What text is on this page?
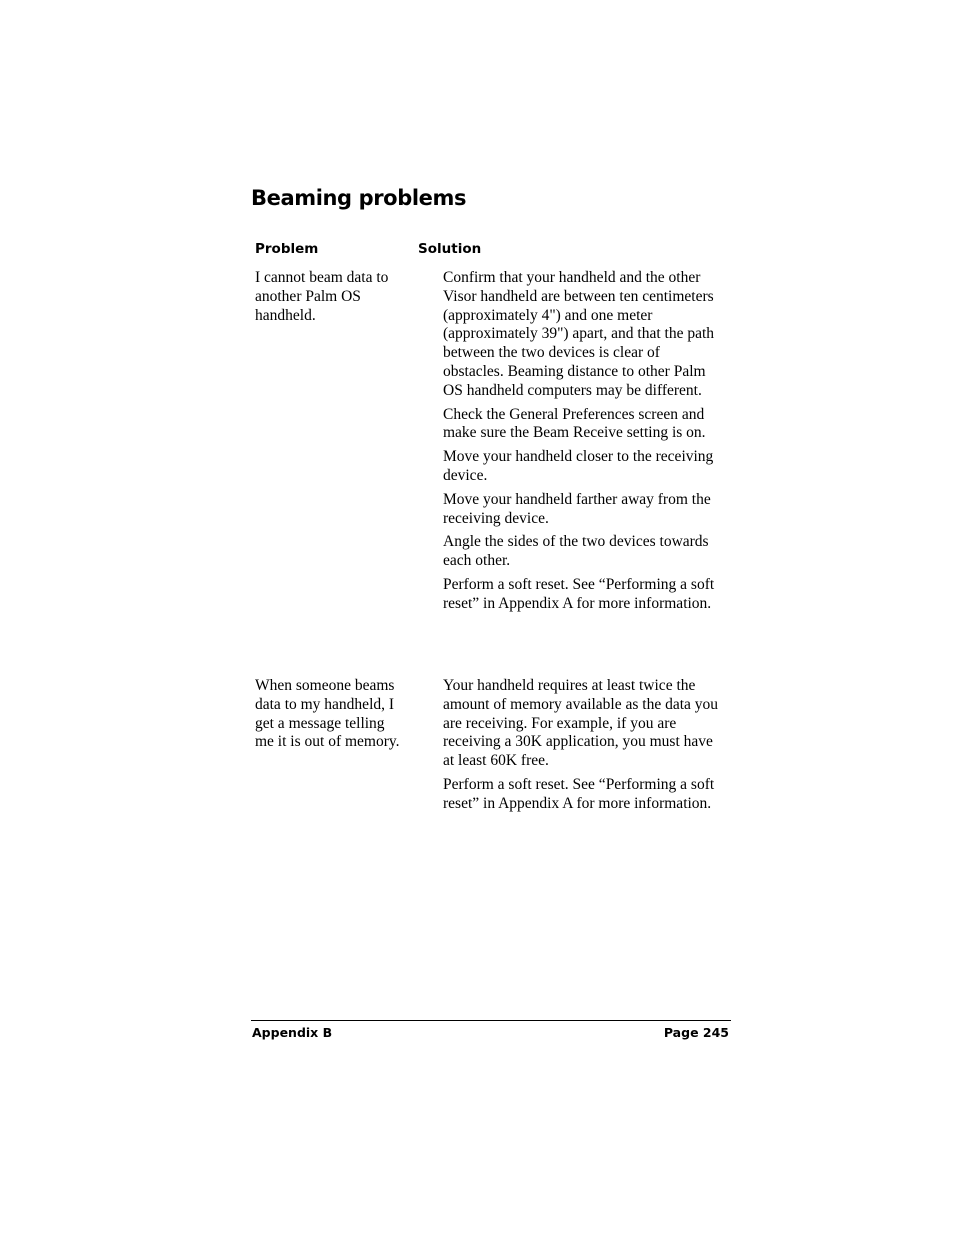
Beaming problems
Problem	Solution
I cannot beam data to another Palm OS handheld.
Confirm that your handheld and the other Visor handheld are between ten centimeters (approximately 4") and one meter (approximately 39") apart, and that the path between the two devices is clear of obstacles. Beaming distance to other Palm OS handheld computers may be different.
Check the General Preferences screen and make sure the Beam Receive setting is on.
Move your handheld closer to the receiving device.
Move your handheld farther away from the receiving device.
Angle the sides of the two devices towards each other.
Perform a soft reset. See “Performing a soft reset” in Appendix A for more information.
When someone beams data to my handheld, I get a message telling me it is out of memory.
Your handheld requires at least twice the amount of memory available as the data you are receiving. For example, if you are receiving a 30K application, you must have at least 60K free.
Perform a soft reset. See “Performing a soft reset” in Appendix A for more information.
Appendix B	Page 245
